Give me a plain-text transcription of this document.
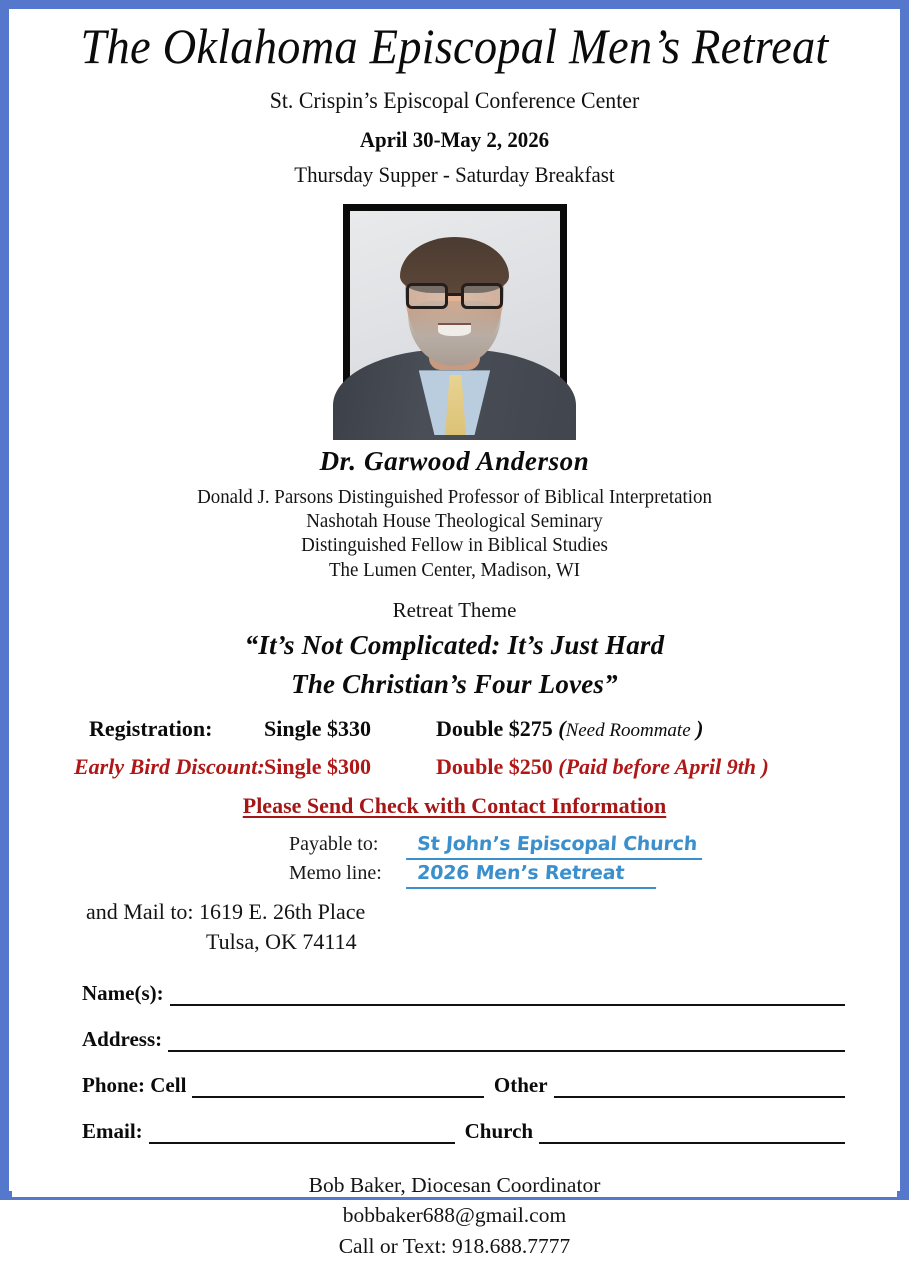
The Oklahoma Episcopal Men’s Retreat
St. Crispin’s Episcopal Conference Center
April 30-May 2, 2026
Thursday Supper - Saturday Breakfast
Dr. Garwood Anderson
Donald J. Parsons Distinguished Professor of Biblical Interpretation
Nashotah House Theological Seminary
Distinguished Fellow in Biblical Studies
The Lumen Center, Madison, WI
Retreat Theme
“It’s Not Complicated: It’s Just Hard
The Christian’s Four Loves”
Registration:	Single $330	Double $275 (Need Roommate )
Early Bird Discount: Single $300	Double $250 (Paid before April 9th )
Please Send Check with Contact Information
Payable to:	St John’s Episcopal Church
Memo line:	2026 Men’s Retreat
and Mail to: 1619 E. 26th Place
Tulsa, OK 74114
Name(s):
Address:
Phone: Cell	Other
Email:	Church
Bob Baker, Diocesan Coordinator
bobbaker688@gmail.com
Call or Text: 918.688.7777
